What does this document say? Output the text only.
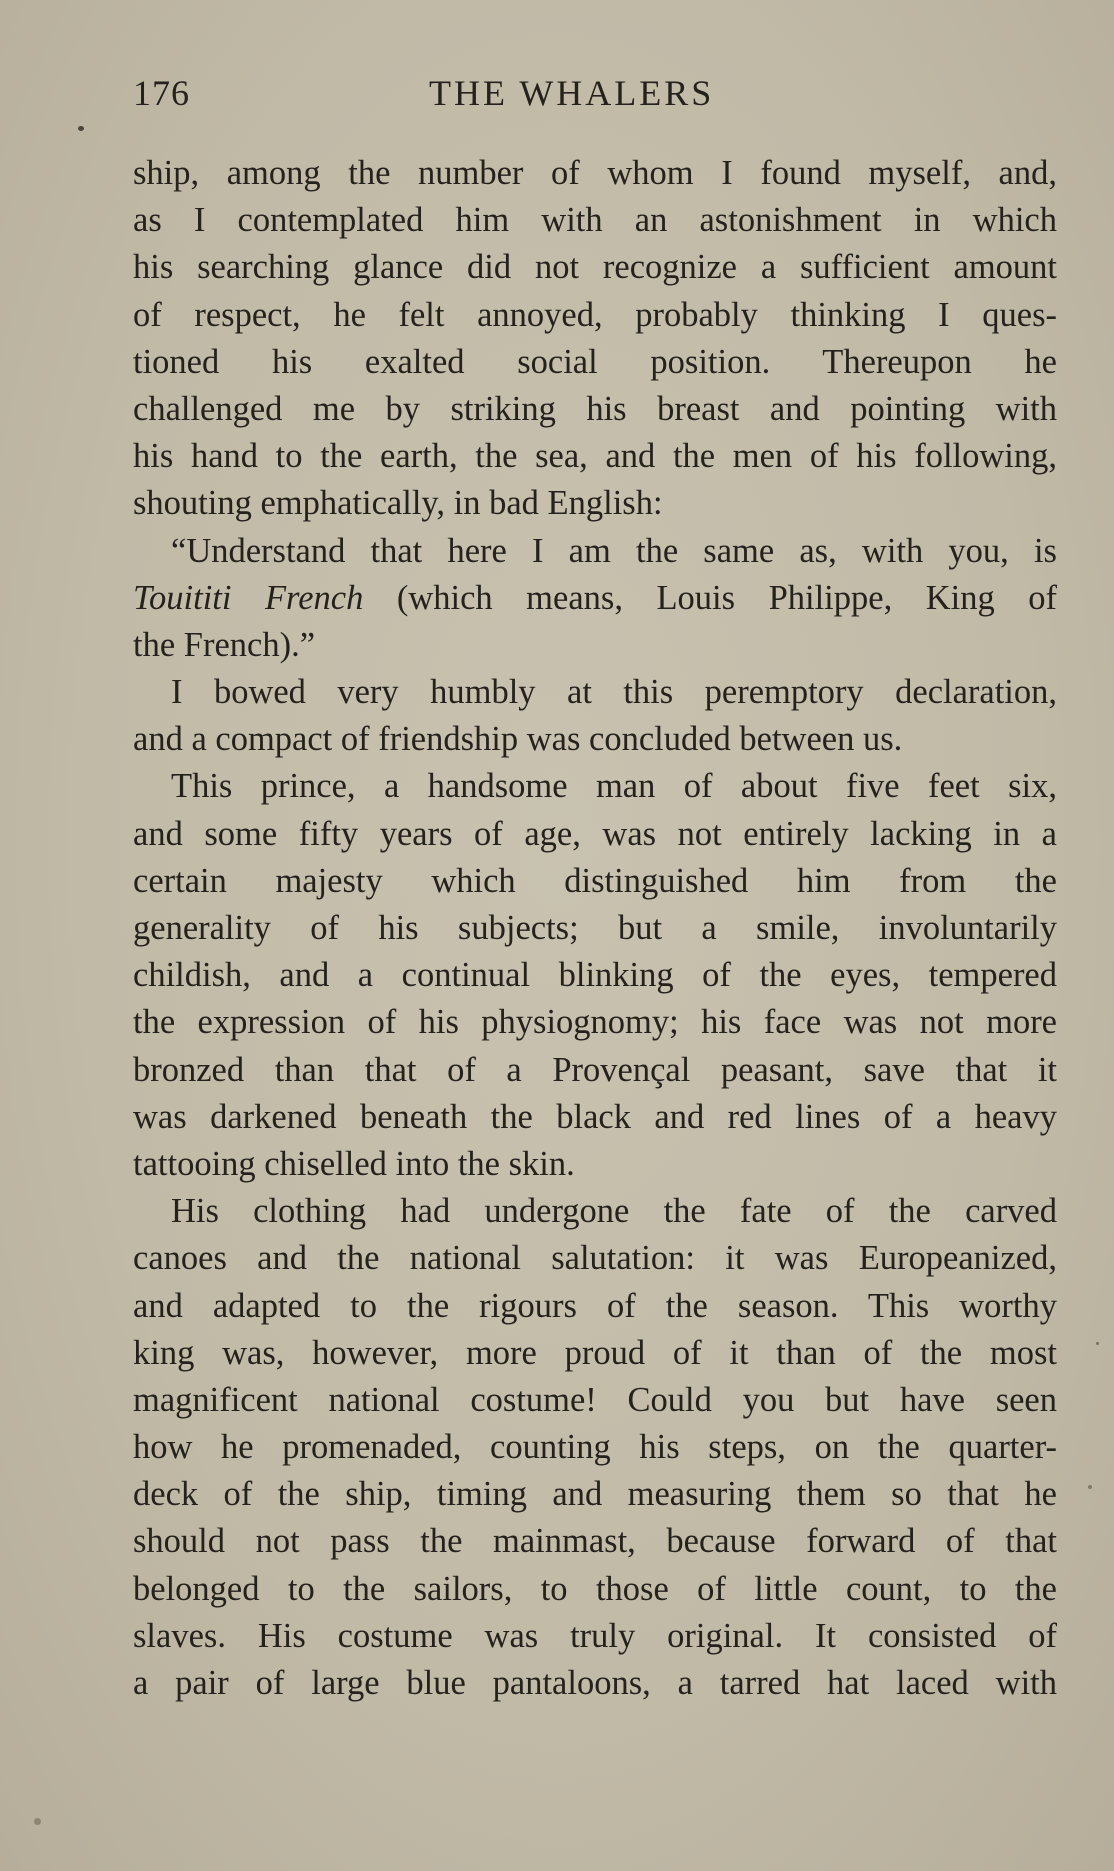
176	THE WHALERS
ship, among the number of whom I found myself, and,
as I contemplated him with an astonishment in which
his searching glance did not recognize a sufficient amount
of respect, he felt annoyed, probably thinking I ques-
tioned his exalted social position. Thereupon he
challenged me by striking his breast and pointing with
his hand to the earth, the sea, and the men of his following,
shouting emphatically, in bad English:
“Understand that here I am the same as, with you, is
Touititi French (which means, Louis Philippe, King of
the French).”
I bowed very humbly at this peremptory declaration,
and a compact of friendship was concluded between us.
This prince, a handsome man of about five feet six,
and some fifty years of age, was not entirely lacking in a
certain majesty which distinguished him from the
generality of his subjects; but a smile, involuntarily
childish, and a continual blinking of the eyes, tempered
the expression of his physiognomy; his face was not more
bronzed than that of a Provençal peasant, save that it
was darkened beneath the black and red lines of a heavy
tattooing chiselled into the skin.
His clothing had undergone the fate of the carved
canoes and the national salutation: it was Europeanized,
and adapted to the rigours of the season. This worthy
king was, however, more proud of it than of the most
magnificent national costume! Could you but have seen
how he promenaded, counting his steps, on the quarter-
deck of the ship, timing and measuring them so that he
should not pass the mainmast, because forward of that
belonged to the sailors, to those of little count, to the
slaves. His costume was truly original. It consisted of
a pair of large blue pantaloons, a tarred hat laced with
